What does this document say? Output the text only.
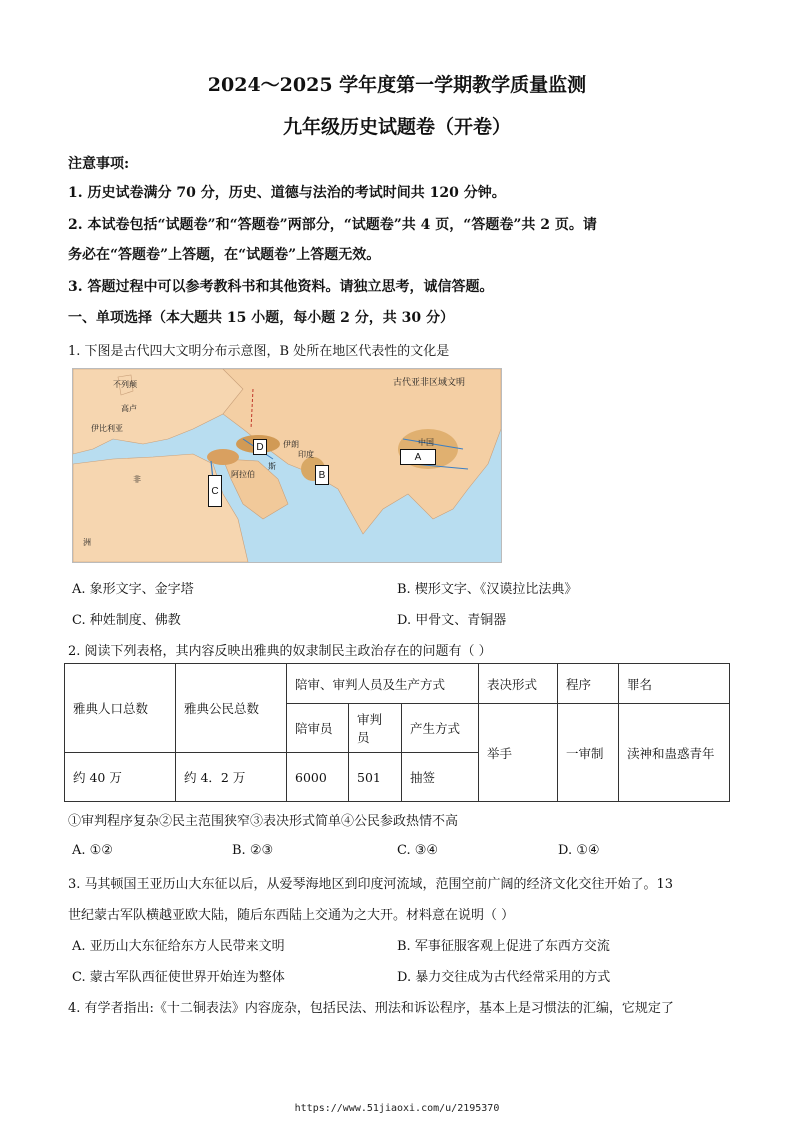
2024～2025 学年度第一学期教学质量监测
九年级历史试题卷（开卷）
注意事项:
1. 历史试卷满分 70 分，历史、道德与法治的考试时间共 120 分钟。
2. 本试卷包括“试题卷”和“答题卷”两部分，“试题卷”共 4 页，“答题卷”共 2 页。请
务必在“答题卷”上答题，在“试题卷”上答题无效。
3. 答题过程中可以参考教科书和其他资料。请独立思考，诚信答题。
一、单项选择（本大题共 15 小题，每小题 2 分，共 30 分）
1. 下图是古代四大文明分布示意图，B 处所在地区代表性的文化是
古代亚非区域文明
不列颠
高卢
伊比利亚
非
阿拉伯
伊朗
斯
印度
中国
洲
A
B
C
D
A. 象形文字、金字塔	B. 楔形文字、《汉谟拉比法典》
C. 种姓制度、佛教	D. 甲骨文、青铜器
2. 阅读下列表格，其内容反映出雅典的奴隶制民主政治存在的问题有（ ）
雅典人口总数	雅典公民总数	陪审、审判人员及生产方式			表决形式	程序	罪名
		陪审员	审判员	产生方式	举手	一审制	渎神和蛊惑青年
约 40 万	约 4．2 万	6000	501	抽签			
①审判程序复杂②民主范围狭窄③表决形式简单④公民参政热情不高
A. ①②	B. ②③	C. ③④	D. ①④
3. 马其顿国王亚历山大东征以后，从爱琴海地区到印度河流域，范围空前广阔的经济文化交往开始了。13
世纪蒙古军队横越亚欧大陆，随后东西陆上交通为之大开。材料意在说明（ ）
A. 亚历山大东征给东方人民带来文明	B. 军事征服客观上促进了东西方交流
C. 蒙古军队西征使世界开始连为整体	D. 暴力交往成为古代经常采用的方式
4. 有学者指出:《十二铜表法》内容庞杂，包括民法、刑法和诉讼程序，基本上是习惯法的汇编，它规定了
https://www.51jiaoxi.com/u/2195370
